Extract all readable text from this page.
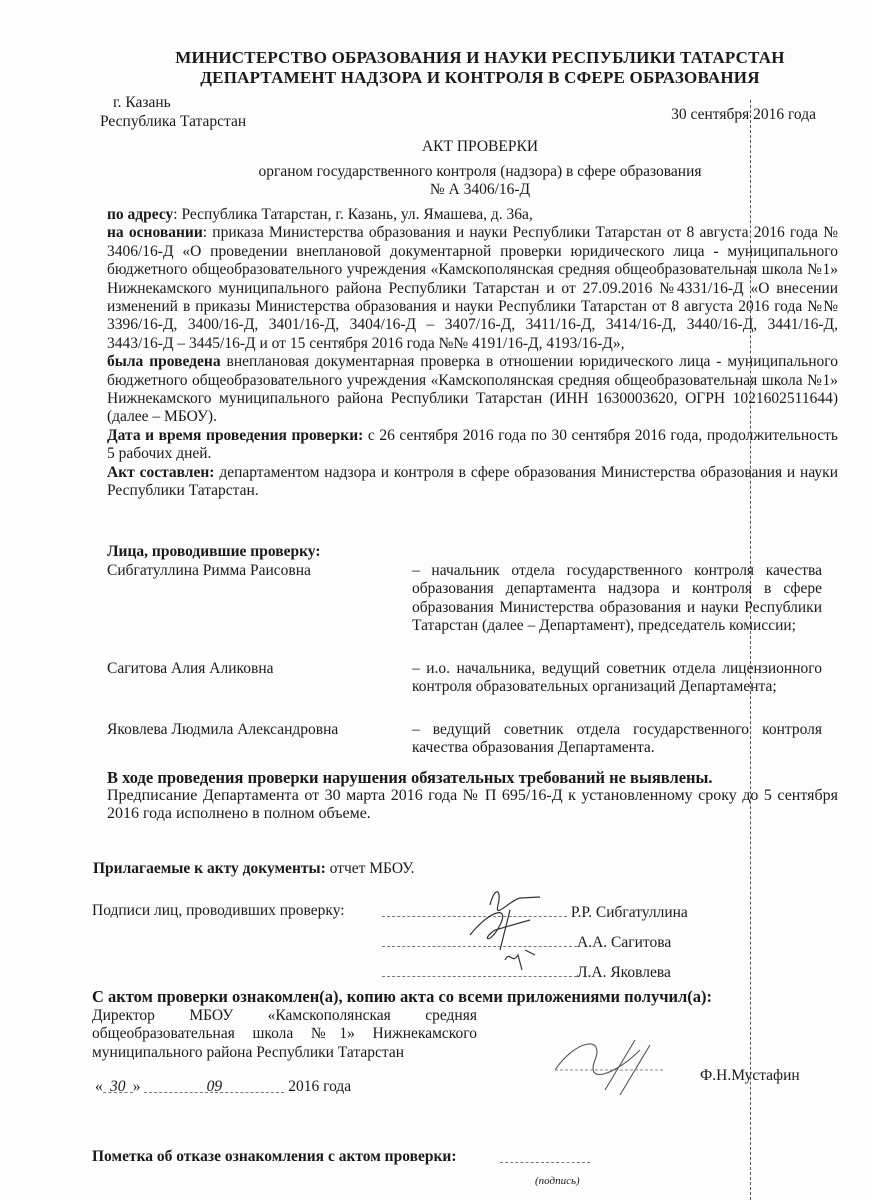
МИНИСТЕРСТВО ОБРАЗОВАНИЯ И НАУКИ РЕСПУБЛИКИ ТАТАРСТАН
ДЕПАРТАМЕНТ НАДЗОРА И КОНТРОЛЯ В СФЕРЕ ОБРАЗОВАНИЯ
г. Казань
Республика Татарстан	30 сентября 2016 года
АКТ ПРОВЕРКИ
органом государственного контроля (надзора) в сфере образования
№ А 3406/16-Д
по адресу: Республика Татарстан, г. Казань, ул. Ямашева, д. 36а,
на основании: приказа Министерства образования и науки Республики Татарстан от 8 августа 2016 года № 3406/16-Д «О проведении внеплановой документарной проверки юридического лица - муниципального бюджетного общеобразовательного учреждения «Камскополянская средняя общеобразовательная школа №1» Нижнекамского муниципального района Республики Татарстан и от 27.09.2016 №4331/16-Д «О внесении изменений в приказы Министерства образования и науки Республики Татарстан от 8 августа 2016 года №№ 3396/16-Д, 3400/16-Д, 3401/16-Д, 3404/16-Д – 3407/16-Д, 3411/16-Д, 3414/16-Д, 3440/16-Д, 3441/16-Д, 3443/16-Д – 3445/16-Д и от 15 сентября 2016 года №№ 4191/16-Д, 4193/16-Д»,
была проведена внеплановая документарная проверка в отношении юридического лица - муниципального бюджетного общеобразовательного учреждения «Камскополянская средняя общеобразовательная школа №1» Нижнекамского муниципального района Республики Татарстан (ИНН 1630003620, ОГРН 1021602511644) (далее – МБОУ).
Дата и время проведения проверки: с 26 сентября 2016 года по 30 сентября 2016 года, продолжительность 5 рабочих дней.
Акт составлен: департаментом надзора и контроля в сфере образования Министерства образования и науки Республики Татарстан.
Лица, проводившие проверку:
Сибгатуллина Римма Раисовна	– начальник отдела государственного контроля качества образования департамента надзора и контроля в сфере образования Министерства образования и науки Республики Татарстан (далее – Департамент), председатель комиссии;
Сагитова Алия Аликовна	– и.о. начальника, ведущий советник отдела лицензионного контроля образовательных организаций Департамента;
Яковлева Людмила Александровна	– ведущий советник отдела государственного контроля качества образования Департамента.
В ходе проведения проверки нарушения обязательных требований не выявлены.
Предписание Департамента от 30 марта 2016 года № П 695/16-Д к установленному сроку до 5 сентября 2016 года исполнено в полном объеме.
Прилагаемые к акту документы: отчет МБОУ.
Подписи лиц, проводивших проверку:	Р.Р. Сибгатуллина
А.А. Сагитова
Л.А. Яковлева
С актом проверки ознакомлен(а), копию акта со всеми приложениями получил(а):
Директор МБОУ «Камскополянская средняя общеобразовательная школа №1» Нижнекамского муниципального района Республики Татарстан
« 30 »	09	2016 года
Ф.Н.Мустафин
Пометка об отказе ознакомления с актом проверки:
(подпись)
